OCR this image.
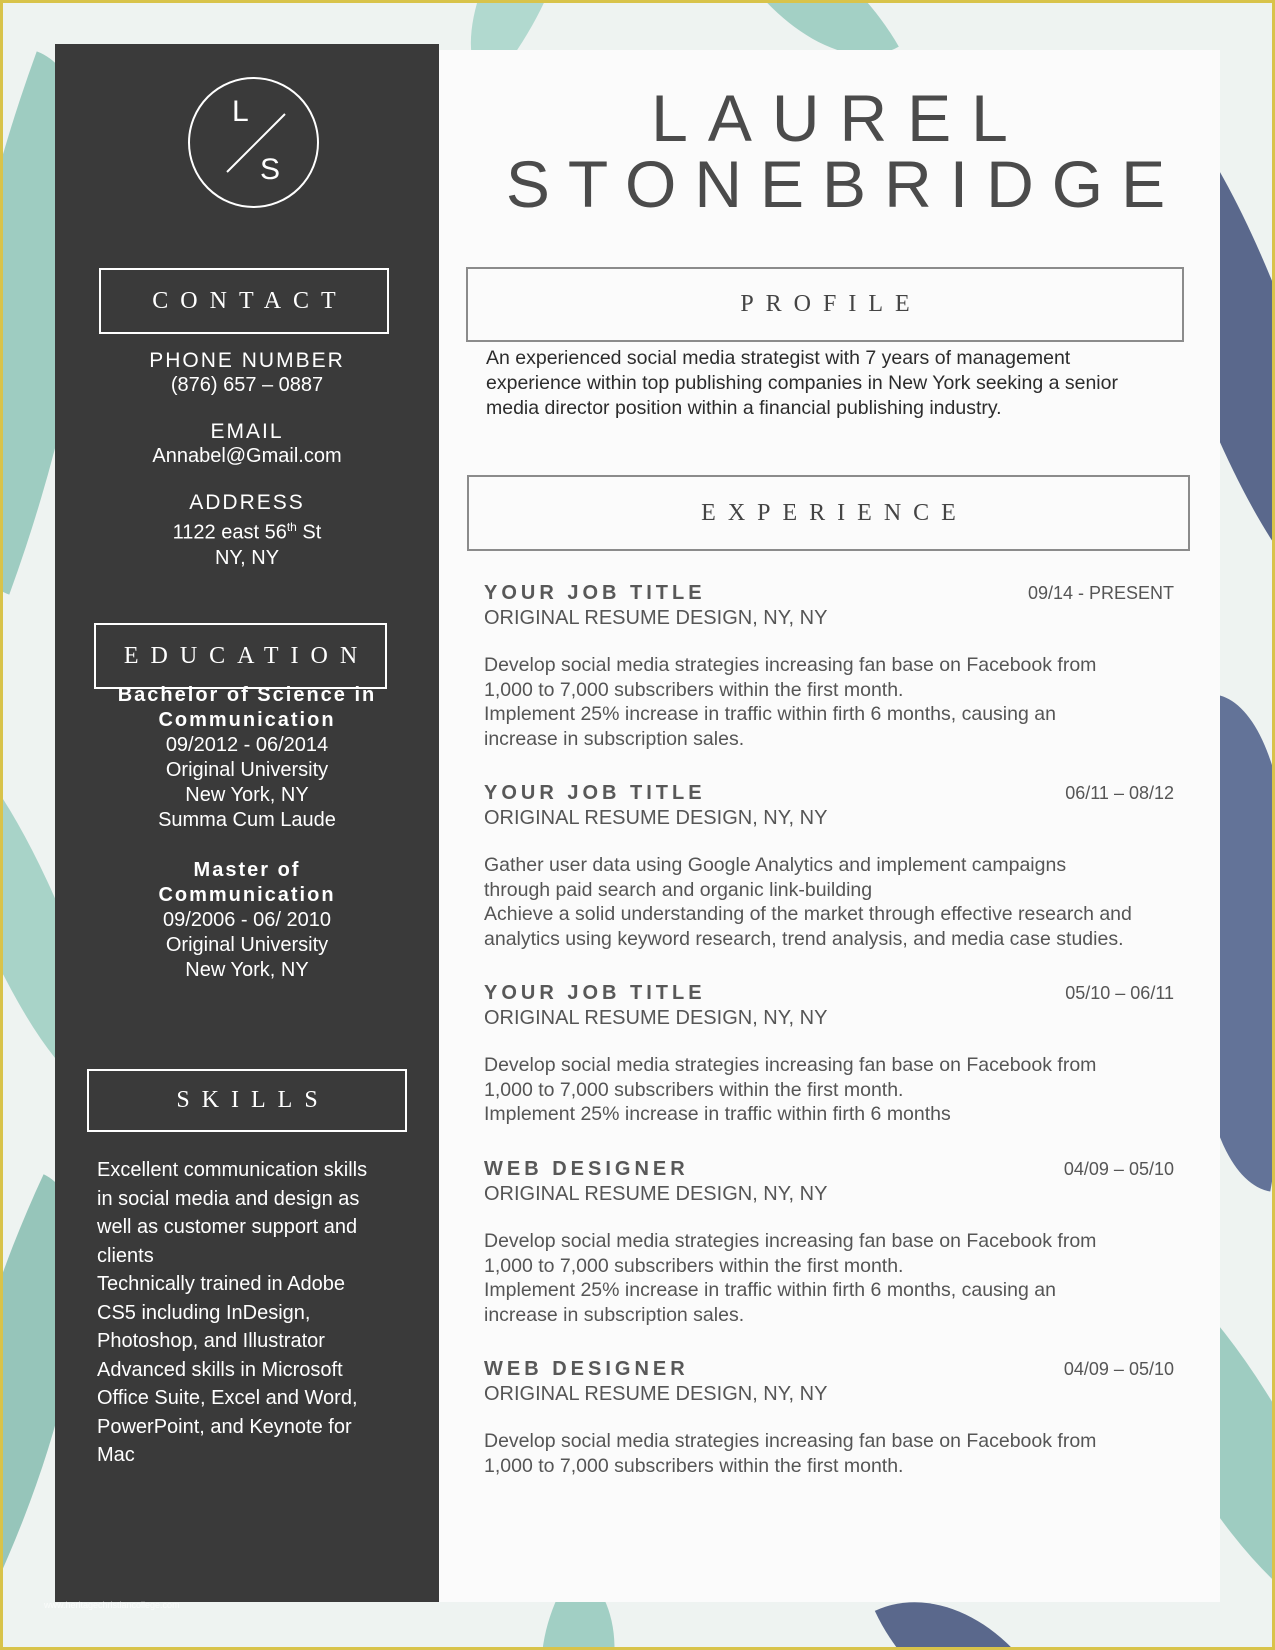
L
S
CONTACT
PHONE NUMBER
(876) 657 – 0887
EMAIL
Annabel@Gmail.com
ADDRESS
1122 east 56th St
NY, NY
EDUCATION
Bachelor of Science in
Communication
09/2012 - 06/2014
Original University
New York, NY
Summa Cum Laude
Master of
Communication
09/2006 - 06/ 2010
Original University
New York, NY
SKILLS
Excellent communication skills
in social media and design as
well as customer support and
clients
Technically trained in Adobe
CS5 including InDesign,
Photoshop, and Illustrator
Advanced skills in Microsoft
Office Suite, Excel and Word,
PowerPoint, and Keynote for
Mac
LAUREL
STONEBRIDGE
PROFILE
An experienced social media strategist with 7 years of management
experience within top publishing companies in New York seeking a senior
media director position within a financial publishing industry.
EXPERIENCE
YOUR JOB TITLE	09/14 - PRESENT
ORIGINAL RESUME DESIGN, NY, NY
Develop social media strategies increasing fan base on Facebook from
1,000 to 7,000 subscribers within the first month.
Implement 25% increase in traffic within firth 6 months, causing an
increase in subscription sales.
YOUR JOB TITLE	06/11 – 08/12
ORIGINAL RESUME DESIGN, NY, NY
Gather user data using Google Analytics and implement campaigns
through paid search and organic link-building
Achieve a solid understanding of the market through effective research and
analytics using keyword research, trend analysis, and media case studies.
YOUR JOB TITLE	05/10 – 06/11
ORIGINAL RESUME DESIGN, NY, NY
Develop social media strategies increasing fan base on Facebook from
1,000 to 7,000 subscribers within the first month.
Implement 25% increase in traffic within firth 6 months
WEB DESIGNER	04/09 – 05/10
ORIGINAL RESUME DESIGN, NY, NY
Develop social media strategies increasing fan base on Facebook from
1,000 to 7,000 subscribers within the first month.
Implement 25% increase in traffic within firth 6 months, causing an
increase in subscription sales.
WEB DESIGNER	04/09 – 05/10
ORIGINAL RESUME DESIGN, NY, NY
Develop social media strategies increasing fan base on Facebook from
1,000 to 7,000 subscribers within the first month.
www.heritagechristiancollege.com
